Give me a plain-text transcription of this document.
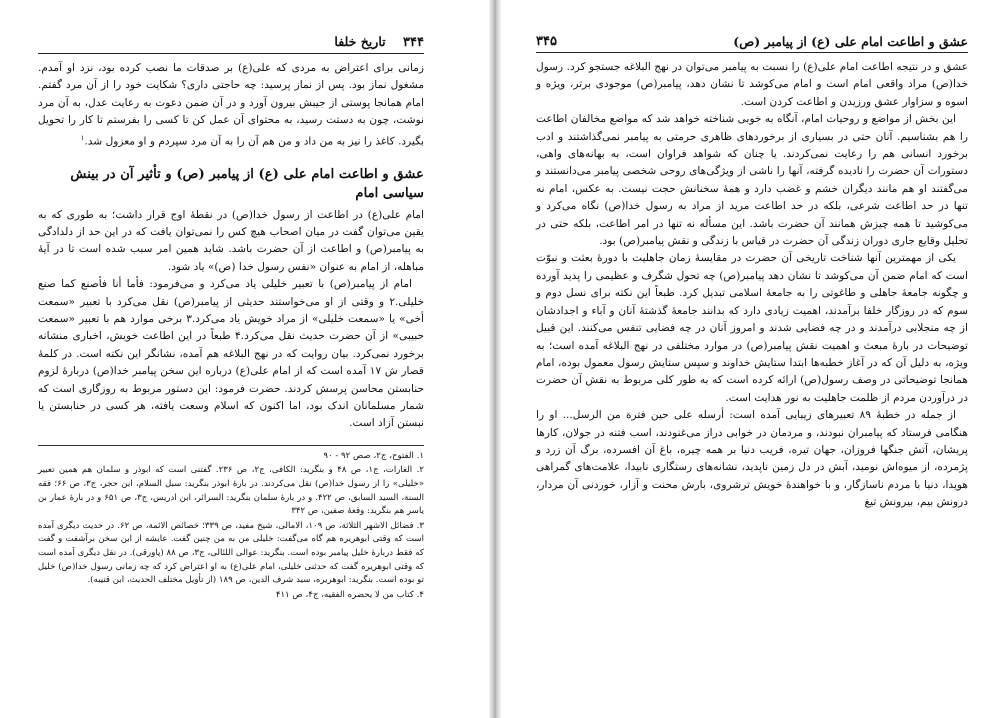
۳۴۴    تاریخ خلفا

زمانی برای اعتراض به مردی که علی(ع) بر صدقات ما نصب کرده بود، نزد او آمدم. مشغول نماز بود. پس از نماز پرسید: چه حاجتی داری؟ شکایت خود را از آن مرد گفتم. امام همانجا پوستی از جیبش بیرون آورد و در آن ضمن دعوت به رعایت عدل، به آن مرد نوشت، چون به دستت رسید، به محتوای آن عمل کن تا کسی را بفرستم تا کار را تحویل بگیرد. کاغذ را نیز به من داد و من هم آن را به آن مرد سپردم و او معزول شد.$^۱$

عشق و اطاعت امام علی (ع) از پیامبر (ص) و تأثیر آن در بینش سیاسی امام

امام علی(ع) در اطاعت از رسول خدا(ص) در نقطهٔ اوج قرار داشت؛ به طوری که به یقین می‌توان گفت در میان اصحاب هیچ کس را نمی‌توان یافت که در این حد از دلدادگی به پیامبر(ص) و اطاعت از آن حضرت باشد. شاید همین امر سبب شده است تا در آیهٔ مباهله، از امام به عنوان «نفس رسول خدا (ص)» یاد شود.

امام از پیامبر(ص) با تعبیر خلیلی یاد می‌کرد و می‌فرمود: فأما أنا فأصنع کما صنع خلیلی.۲ و وقتی از او می‌خواستند حدیثی از پیامبر(ص) نقل می‌کرد با تعبیر «سمعت أخی» یا «سمعت خلیلی» از مراد خویش یاد می‌کرد.۳ برخی موارد هم با تعبیر «سمعت حبیبی» از آن حضرت حدیث نقل می‌کرد.۴ طبعاً در این اطاعت خویش، اخباری منشانه برخورد نمی‌کرد. بیان روایت که در نهج البلاغه هم آمده، نشانگر این نکته است. در کلمهٔ قصار ش ۱۷ آمده است که از امام علی(ع) درباره این سخن پیامبر خدا(ص) دربارهٔ لزوم حنابستن محاسن پرسش کردند. حضرت فرمود: این دستور مربوط به روزگاری است که شمار مسلمانان اندک بود، اما اکنون که اسلام وسعت یافته، هر کسی در حنابستن یا نبستن آزاد است.

۱. الفتوح، ج۲، صص ۹۲ - ۹۰

۲. الغارات، ج۱، ص ۴۸ و بنگرید: الکافی، ج۲، ص ۲۳۶. گفتنی است که ابوذر و سلمان هم همین تعبیر «خلیلی» را از رسول خدا(ص) نقل می‌کردند. در بارهٔ ابوذر بنگرید: سبل السلام، ابن حجر، ج۳، ص ۶۶؛ فقه السنة، السید السابق، ص ۴۲۲. و در بارهٔ سلمان بنگرید: السرائر، ابن ادریس، ج۳، ص ۶۵۱ و در بارهٔ عمار بن یاسر هم بنگرید: وقعهٔ صفین، ص ۳۴۲

۳. فضائل الاشهر الثلاثة، ص ۱۰۹، الامالی، شیخ مفید، ص ۳۳۹؛ خصائص الائمة، ص ۶۲. در حدیث دیگری آمده است که وقتی ابوهریره هم گاه می‌گفت: خلیلی من به من چنین گفت. عایشه از این سخن برآشفت و گفت که فقط دربارهٔ خلیل پیامبر بوده است. بنگرید: عوالی اللئالی، ج۳، ص ۸۸ (پاورقی). در نقل دیگری آمده است که وقتی ابوهریره گفت که حدثنی خلیلی، امام علی(ع) به او اعتراض کرد که چه زمانی رسول خدا(ص) خلیل تو بوده است. بنگرید: ابوهریره، سید شرف الدین، ص ۱۸۹ (از تأویل مختلف الحدیث، ابن قتیبه).

۴. کتاب من لا یحضره الفقیه، ج۴، ص ۴۱۱

عشق و اطاعت امام علی (ع) از پیامبر (ص)
۳۴۵

عشق و در نتیجه اطاعت امام علی(ع) را نسبت به پیامبر می‌توان در نهج البلاغه جستجو کرد. رسول خدا(ص) مراد واقعی امام است و امام می‌کوشد تا نشان دهد، پیامبر(ص) موجودی برتر، ویژه و اسوه و سزاوار عشق ورزیدن و اطاعت کردن است.

این بخش از مواضع و روحیات امام، آنگاه به خوبی شناخته خواهد شد که مواضع مخالفان اطاعت را هم بشناسیم. آنان حتی در بسیاری از برخوردهای ظاهری حرمتی به پیامبر نمی‌گذاشتند و ادب برخورد انسانی هم را رعایت نمی‌کردند. یا چنان که شواهد فراوان است، به بهانه‌های واهی، دستورات آن حضرت را نادیده گرفته، آنها را ناشی از ویژگی‌های روحی شخصی پیامبر می‌دانستند و می‌گفتند او هم مانند دیگران خشم و غضب دارد و همهٔ سخنانش حجت نیست. به عکس، امام نه تنها در حد اطاعت شرعی، بلکه در حد اطاعت مرید از مراد به رسول خدا(ص) نگاه می‌کرد و می‌کوشید تا همه چیزش همانند آن حضرت باشد. این مسأله نه تنها در امر اطاعت، بلکه حتی در تحلیل وقایع جاری دوران زندگی آن حضرت در قیاس با زندگی و نقش پیامبر(ص) بود.

یکی از مهمترین آنها شناخت تاریخی آن حضرت در مقایسهٔ زمان جاهلیت با دورهٔ بعثت و نبوّت است که امام ضمن آن می‌کوشد تا نشان دهد پیامبر(ص) چه تحول شگرف و عظیمی را پدید آورده و چگونه جامعهٔ جاهلی و طاغوتی را به جامعهٔ اسلامی تبدیل کرد. طبعاً این نکته برای نسل دوم و سوم که در روزگار خلفا برآمدند، اهمیت زیادی دارد که بدانند جامعهٔ گذشتهٔ آنان و آباء و اجدادشان از چه منجلابی درآمدند و در چه فضایی شدند و امروز آنان در چه فضایی تنفس می‌کنند. این قبیل توضیحات در بارهٔ مبعث و اهمیت نقش پیامبر(ص) در موارد مختلفی در نهج البلاغه آمده است؛ به ویژه، به دلیل آن که در آغاز خطبه‌ها ابتدا ستایش خداوند و سپس ستایش رسول معمول بوده، امام همانجا توضیحاتی در وصف رسول(ص) ارائه کرده است که به طور کلی مربوط به نقش آن حضرت در درآوردن مردم از ظلمت جاهلیت به نور هدایت است.

از جمله در خطبهٔ ۸۹ تعبیرهای زیبایی آمده است: أرسله علی حین فترة من الرسل... او را هنگامی فرستاد که پیامبران نبودند، و مردمان در خوابی دراز می‌غنودند، اسب فتنه در جولان، کارها پریشان، آتش جنگها فروزان، جهان تیره، فریب دنیا بر همه چیره، باغ آن افسرده، برگ آن زرد و پژمرده، از میوه‌اش نومید، آبش در دل زمین ناپدید، نشانه‌های رستگاری نابیدا، علامت‌های گمراهی هویدا، دنیا با مردم ناسازگار، و با خواهندهٔ خویش ترشروی، بارش محنت و آزار، خوردنی آن مردار، درونش بیم، بیرونش تیغ
